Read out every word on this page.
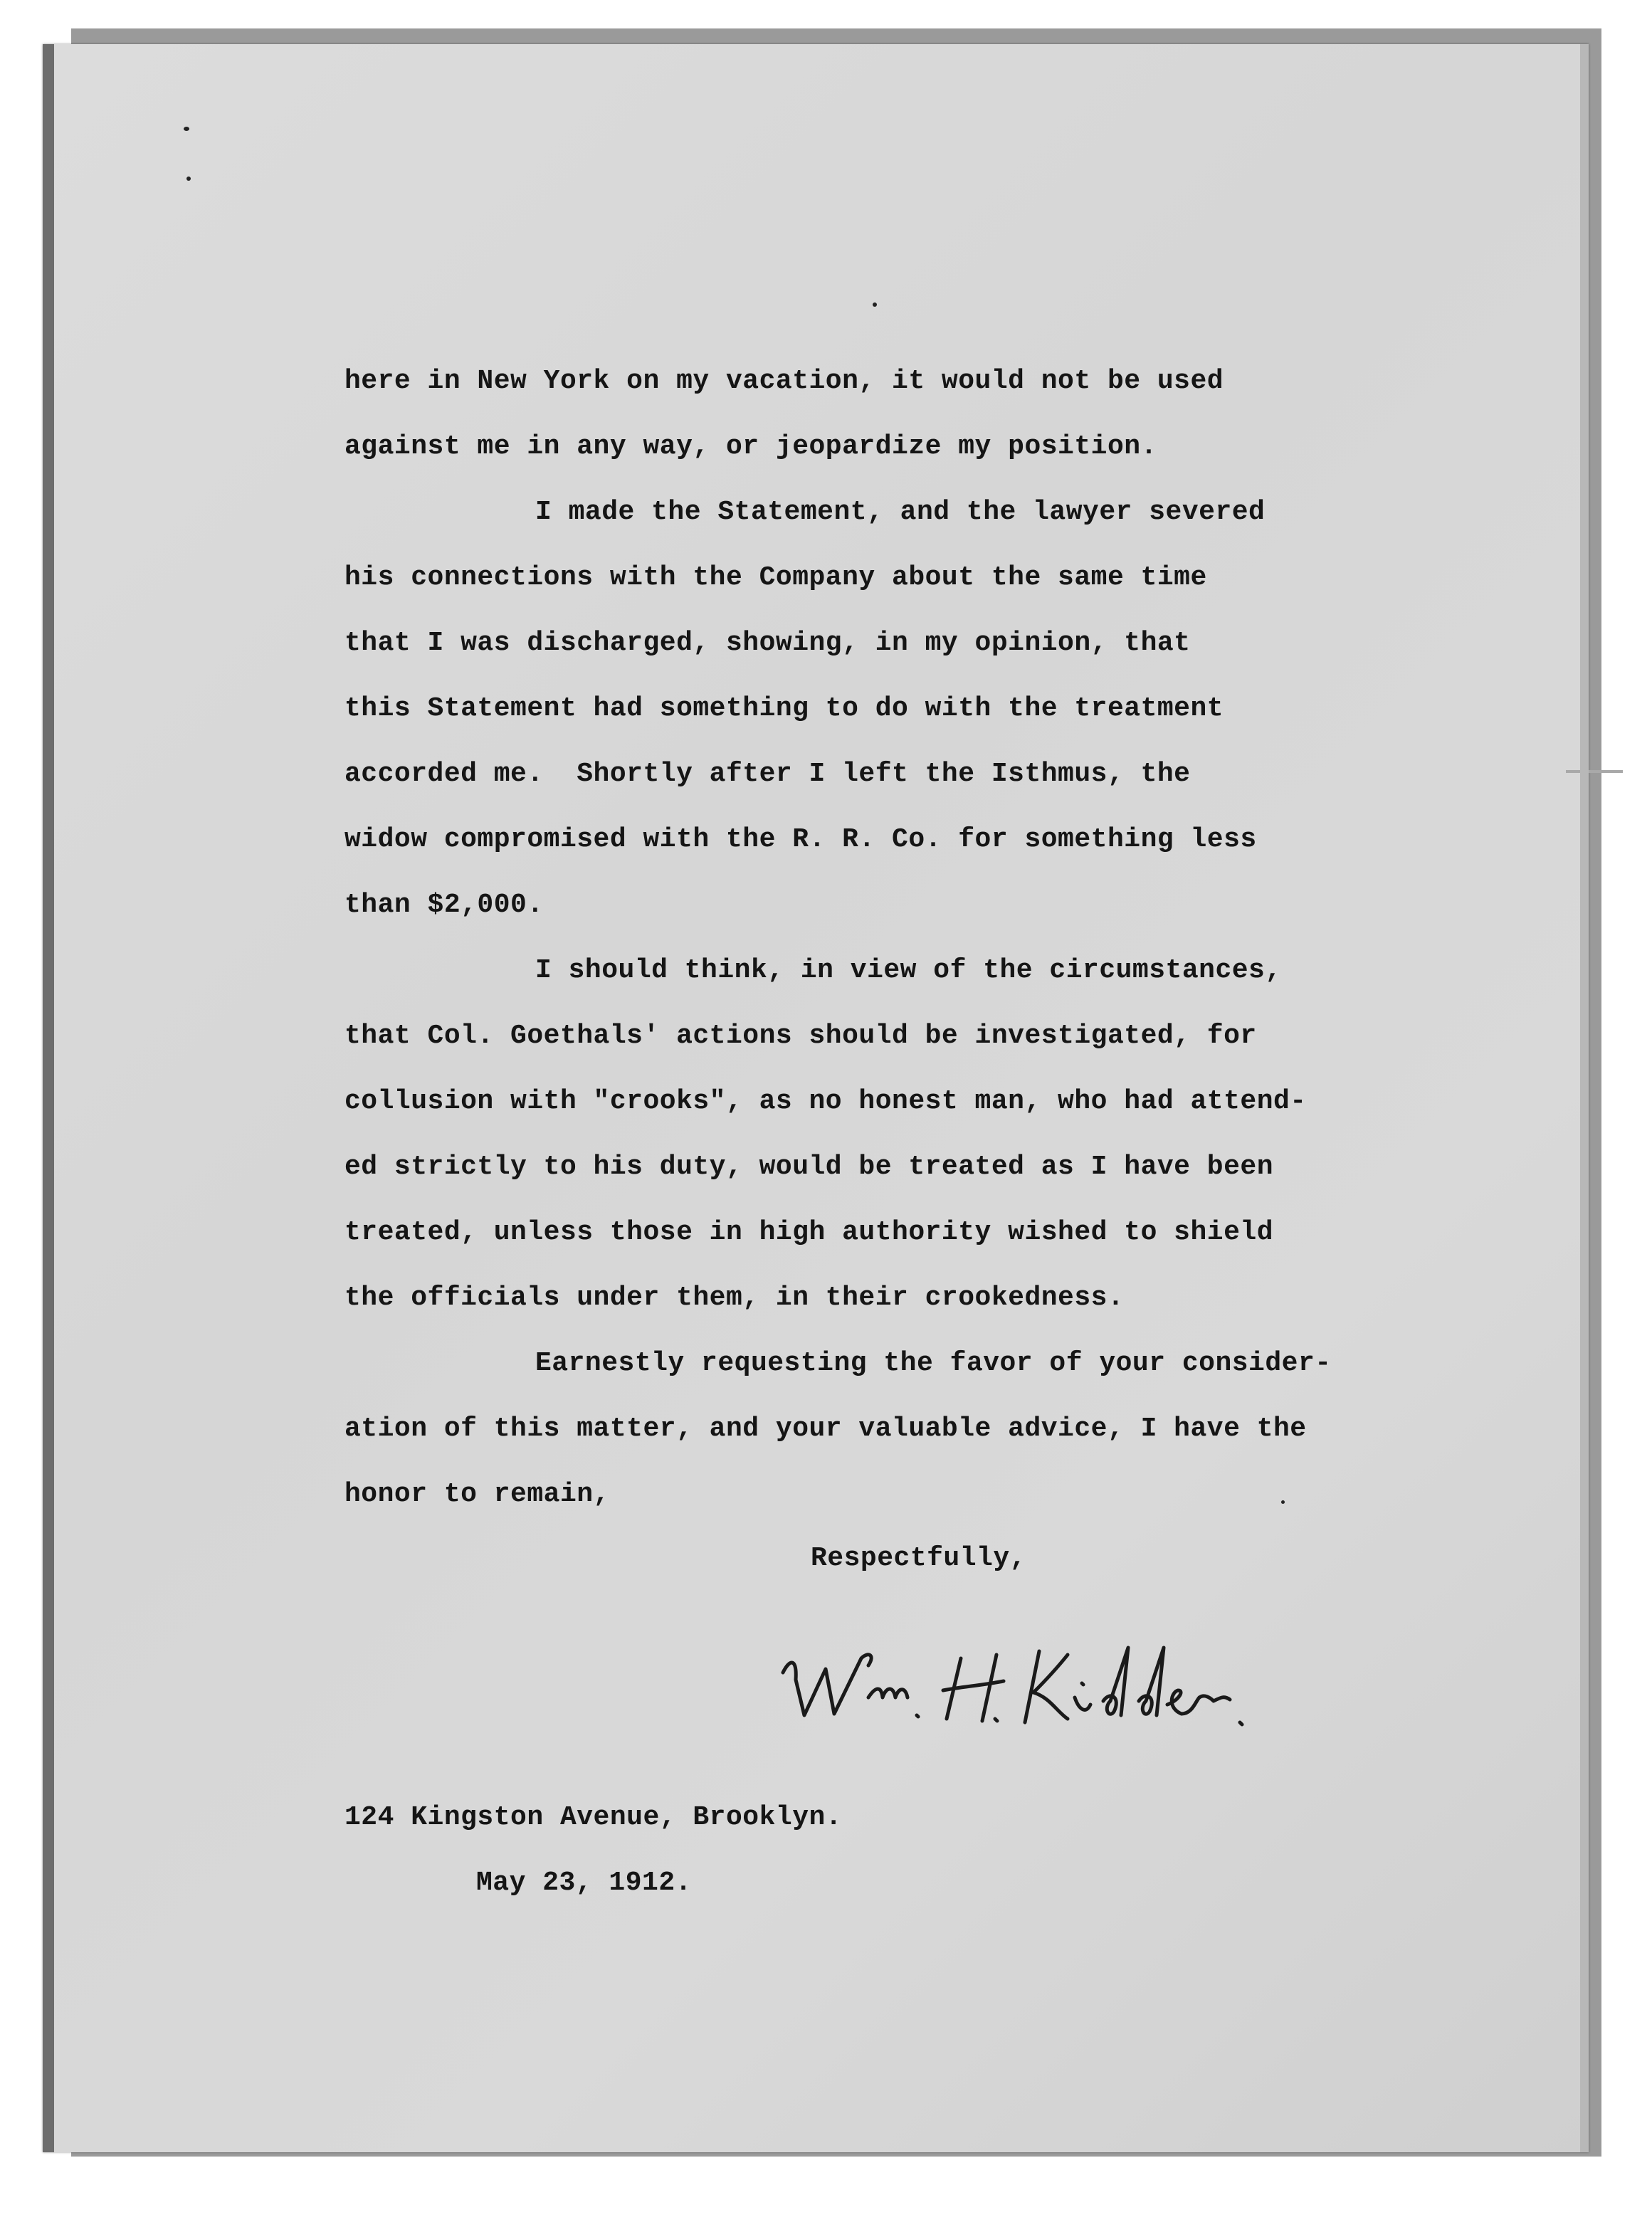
here in New York on my vacation, it would not be used
against me in any way, or jeopardize my position.
I made the Statement, and the lawyer severed
his connections with the Company about the same time
that I was discharged, showing, in my opinion, that
this Statement had something to do with the treatment
accorded me.  Shortly after I left the Isthmus, the
widow compromised with the R. R. Co. for something less
than $2,000.
I should think, in view of the circumstances,
that Col. Goethals' actions should be investigated, for
collusion with "crooks", as no honest man, who had attend-
ed strictly to his duty, would be treated as I have been
treated, unless those in high authority wished to shield
the officials under them, in their crookedness.
Earnestly requesting the favor of your consider-
ation of this matter, and your valuable advice, I have the
honor to remain,
Respectfully,
124 Kingston Avenue, Brooklyn.
May 23, 1912.
